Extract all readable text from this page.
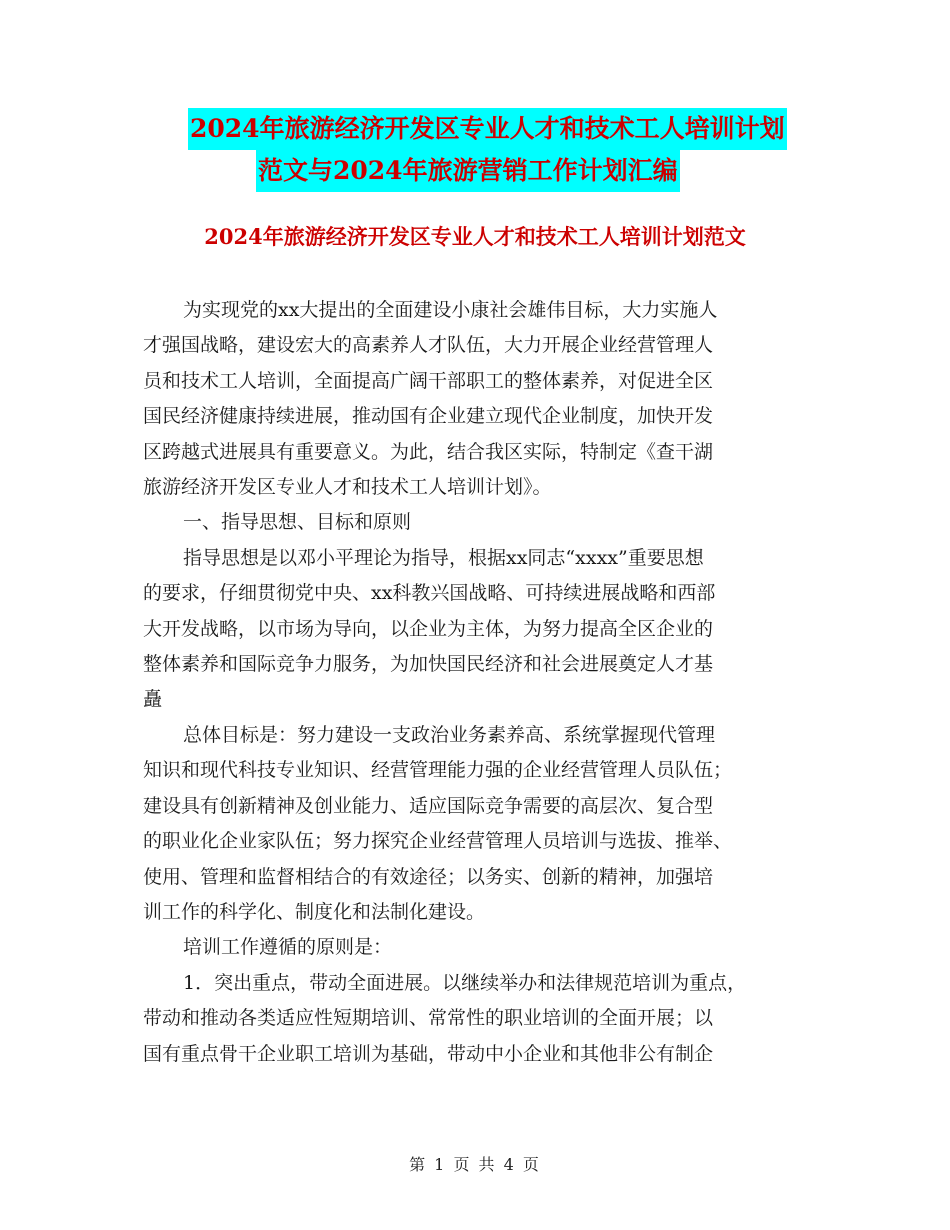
2024年旅游经济开发区专业人才和技术工人培训计划
范文与2024年旅游营销工作计划汇编
2024年旅游经济开发区专业人才和技术工人培训计划范文
为实现党的xx大提出的全面建设小康社会雄伟目标，大力实施人
才强国战略，建设宏大的高素养人才队伍，大力开展企业经营管理人
员和技术工人培训，全面提高广阔干部职工的整体素养，对促进全区
国民经济健康持续进展，推动国有企业建立现代企业制度，加快开发
区跨越式进展具有重要意义。为此，结合我区实际，特制定《查干湖
旅游经济开发区专业人才和技术工人培训计划》。
一、指导思想、目标和原则
指导思想是以邓小平理论为指导，根据xx同志“xxxx”重要思想
的要求，仔细贯彻党中央、xx科教兴国战略、可持续进展战略和西部
大开发战略，以市场为导向，以企业为主体，为努力提高全区企业的
整体素养和国际竞争力服务，为加快国民经济和社会进展奠定人才基
矗
总体目标是：努力建设一支政治业务素养高、系统掌握现代管理
知识和现代科技专业知识、经营管理能力强的企业经营管理人员队伍；
建设具有创新精神及创业能力、适应国际竞争需要的高层次、复合型
的职业化企业家队伍；努力探究企业经营管理人员培训与选拔、推举、
使用、管理和监督相结合的有效途径；以务实、创新的精神，加强培
训工作的科学化、制度化和法制化建设。
培训工作遵循的原则是：
1．突出重点，带动全面进展。以继续举办和法律规范培训为重点，
带动和推动各类适应性短期培训、常常性的职业培训的全面开展；以
国有重点骨干企业职工培训为基础，带动中小企业和其他非公有制企
第 1 页 共 4 页
